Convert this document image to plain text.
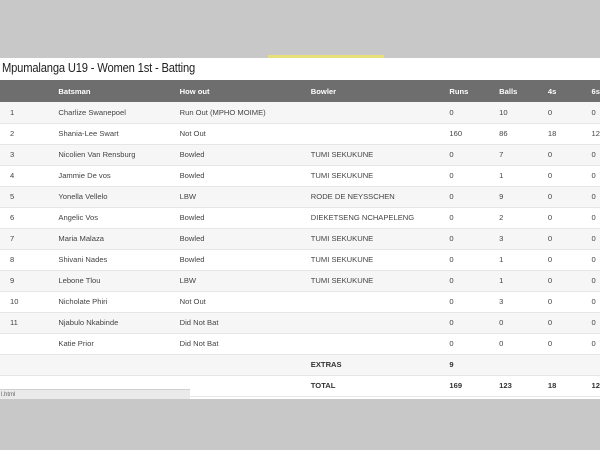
Mpumalanga U19 - Women 1st - Batting
	Batsman	How out	Bowler	Runs	Balls	4s	6s
1	Charlize Swanepoel	Run Out (MPHO MOIME)		0	10	0	0
2	Shania-Lee Swart	Not Out		160	86	18	12
3	Nicolien Van Rensburg	Bowled	TUMI SEKUKUNE	0	7	0	0
4	Jammie De vos	Bowled	TUMI SEKUKUNE	0	1	0	0
5	Yonella Vellelo	LBW	RODE DE NEYSSCHEN	0	9	0	0
6	Angelic Vos	Bowled	DIEKETSENG NCHAPELENG	0	2	0	0
7	Maria Malaza	Bowled	TUMI SEKUKUNE	0	3	0	0
8	Shivani Nades	Bowled	TUMI SEKUKUNE	0	1	0	0
9	Lebone Tlou	LBW	TUMI SEKUKUNE	0	1	0	0
10	Nicholate Phiri	Not Out		0	3	0	0
11	Njabulo Nkabinde	Did Not Bat		0	0	0	0
	Katie Prior	Did Not Bat		0	0	0	0
			EXTRAS	9			
			TOTAL	169	123	18	12
l.html
